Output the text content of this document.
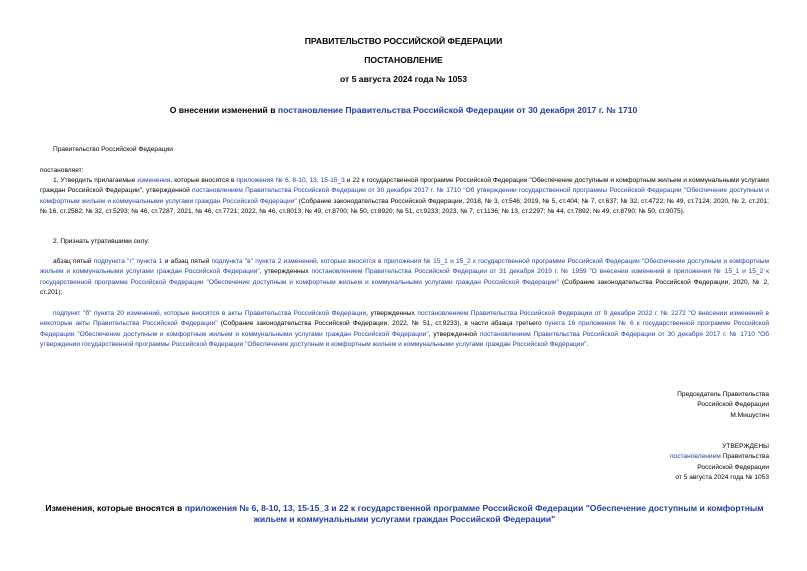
ПРАВИТЕЛЬСТВО РОССИЙСКОЙ ФЕДЕРАЦИИ
ПОСТАНОВЛЕНИЕ
от 5 августа 2024 года № 1053
О внесении изменений в постановление Правительства Российской Федерации от 30 декабря 2017 г. № 1710

Правительство Российской Федерации

постановляет:

1. Утвердить прилагаемые изменения, которые вносятся в приложения № 6, 8-10, 13, 15-15_3 и 22 к государственной программе Российской Федерации "Обеспечение доступным и комфортным жильем и коммунальными услугами граждан Российской Федерации", утвержденной постановлением Правительства Российской Федерации от 30 декабря 2017 г. № 1710 "Об утверждении государственной программы Российской Федерации "Обеспечение доступным и комфортным жильем и коммунальными услугами граждан Российской Федерации" (Собрание законодательства Российской Федерации, 2018, № 3, ст.546; 2019, № 5, ст.404; № 7, ст.637; № 32, ст.4722; № 49, ст.7124; 2020, № 2, ст.201; № 16, ст.2582; № 32, ст.5293; № 46, ст.7287; 2021, № 46, ст.7721; 2022, № 46, ст.8013; № 49, ст.8700; № 50, ст.8920; № 51, ст.9233; 2023, № 7, ст.1136; № 13, ст.2297; № 44, ст.7892; № 49, ст.8790; № 50, ст.9075).

2. Признать утратившими силу:

абзац пятый подпункта "г" пункта 1 и абзац пятый подпункта "в" пункта 2 изменений, которые вносятся в приложения № 15_1 и 15_2 к государственной программе Российской Федерации "Обеспечение доступным и комфортным жильем и коммунальными услугами граждан Российской Федерации", утвержденных постановлением Правительства Российской Федерации от 31 декабря 2019 г. № 1959 "О внесении изменений в приложения № 15_1 и 15_2 к государственной программе Российской Федерации "Обеспечение доступным и комфортным жильем и коммунальными услугами граждан Российской Федерации" (Собрание законодательства Российской Федерации, 2020, № 2, ст.201);

подпункт "б" пункта 20 изменений, которые вносятся в акты Правительства Российской Федерации, утвержденных постановлением Правительства Российской Федерации от 9 декабря 2022 г. № 2272 "О внесении изменений в некоторые акты Правительства Российской Федерации" (Собрание законодательства Российской Федерации, 2022, № 51, ст.9233), в части абзаца третьего пункта 16 приложения № 6 к государственной программе Российской Федерации "Обеспечение доступным и комфортным жильем и коммунальными услугами граждан Российской Федерации", утвержденной постановлением Правительства Российской Федерации от 30 декабря 2017 г. № 1710 "Об утверждении государственной программы Российской Федерации "Обеспечение доступным и комфортным жильем и коммунальными услугами граждан Российской Федерации".

Председатель Правительства
Российской Федерации
М.Мишустин
УТВЕРЖДЕНЫ
постановлением Правительства
Российской Федерации
от 5 августа 2024 года № 1053
Изменения, которые вносятся в приложения № 6, 8-10, 13, 15-15_3 и 22 к государственной программе Российской Федерации "Обеспечение доступным и комфортным жильем и коммунальными услугами граждан Российской Федерации"
